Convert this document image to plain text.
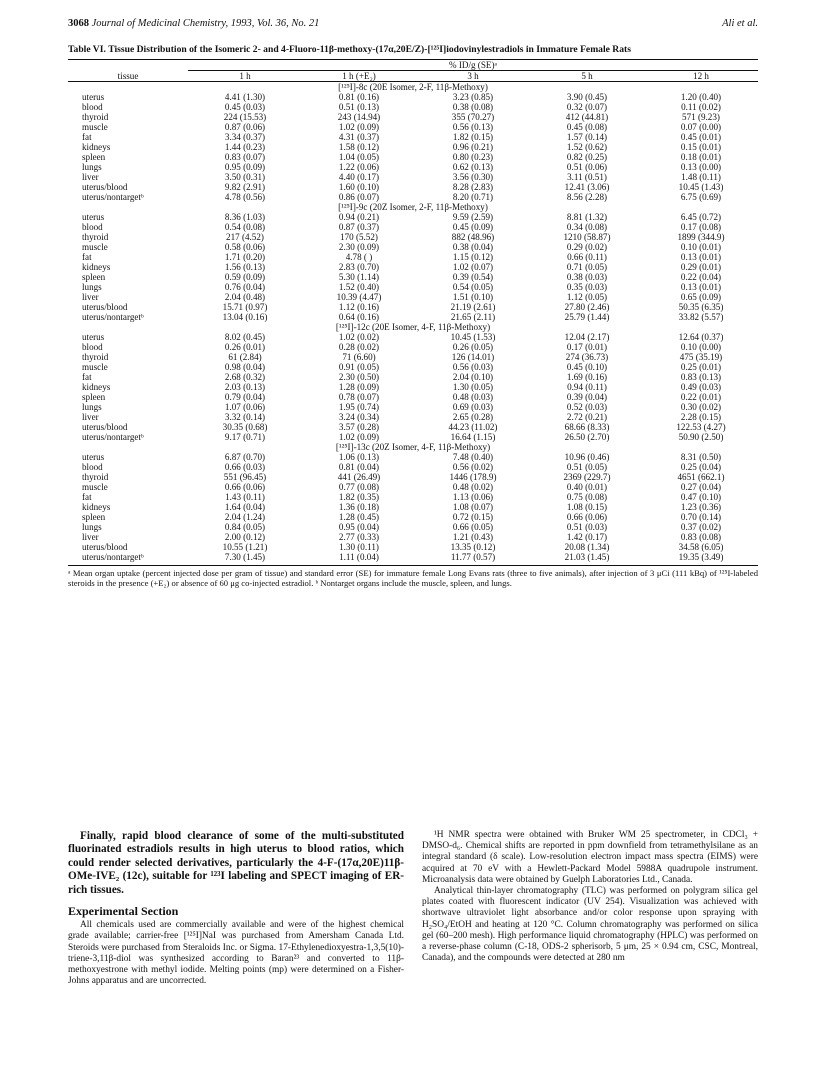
3068 Journal of Medicinal Chemistry, 1993, Vol. 36, No. 21	Ali et al.
Table VI. Tissue Distribution of the Isomeric 2- and 4-Fluoro-11β-methoxy-(17α,20E/Z)-[¹²⁵I]iodovinylestradiols in Immature Female Rats

	% ID/g (SE)ᵃ				
tissue	1 h	1 h (+E₂)	3 h	5 h	12 h
[¹²⁵I]-8c (20E Isomer, 2-F, 11β-Methoxy)					
uterus	4.41 (1.30)	0.81 (0.16)	3.23 (0.85)	3.90 (0.45)	1.20 (0.40)
blood	0.45 (0.03)	0.51 (0.13)	0.38 (0.08)	0.32 (0.07)	0.11 (0.02)
thyroid	224 (15.53)	243 (14.94)	355 (70.27)	412 (44.81)	571 (9.23)
muscle	0.87 (0.06)	1.02 (0.09)	0.56 (0.13)	0.45 (0.08)	0.07 (0.00)
fat	3.34 (0.37)	4.31 (0.37)	1.82 (0.15)	1.57 (0.14)	0.45 (0.01)
kidneys	1.44 (0.23)	1.58 (0.12)	0.96 (0.21)	1.52 (0.62)	0.15 (0.01)
spleen	0.83 (0.07)	1.04 (0.05)	0.80 (0.23)	0.82 (0.25)	0.18 (0.01)
lungs	0.95 (0.09)	1.22 (0.06)	0.62 (0.13)	0.51 (0.06)	0.13 (0.00)
liver	3.50 (0.31)	4.40 (0.17)	3.56 (0.30)	3.11 (0.51)	1.48 (0.11)
uterus/blood	9.82 (2.91)	1.60 (0.10)	8.28 (2.83)	12.41 (3.06)	10.45 (1.43)
uterus/nontargetᵇ	4.78 (0.56)	0.86 (0.07)	8.20 (0.71)	8.56 (2.28)	6.75 (0.69)
[¹²⁵I]-9c (20Z Isomer, 2-F, 11β-Methoxy)					
uterus	8.36 (1.03)	0.94 (0.21)	9.59 (2.59)	8.81 (1.32)	6.45 (0.72)
blood	0.54 (0.08)	0.87 (0.37)	0.45 (0.09)	0.34 (0.08)	0.17 (0.08)
thyroid	217 (4.52)	170 (5.52)	882 (48.96)	1210 (58.87)	1899 (344.9)
muscle	0.58 (0.06)	2.30 (0.09)	0.38 (0.04)	0.29 (0.02)	0.10 (0.01)
fat	1.71 (0.20)	4.78 ( )	1.15 (0.12)	0.66 (0.11)	0.13 (0.01)
kidneys	1.56 (0.13)	2.83 (0.70)	1.02 (0.07)	0.71 (0.05)	0.29 (0.01)
spleen	0.59 (0.09)	5.30 (1.14)	0.39 (0.54)	0.38 (0.03)	0.22 (0.04)
lungs	0.76 (0.04)	1.52 (0.40)	0.54 (0.05)	0.35 (0.03)	0.13 (0.01)
liver	2.04 (0.48)	10.39 (4.47)	1.51 (0.10)	1.12 (0.05)	0.65 (0.09)
uterus/blood	15.71 (0.97)	1.12 (0.16)	21.19 (2.61)	27.80 (2.46)	50.35 (6.35)
uterus/nontargetᵇ	13.04 (0.16)	0.64 (0.16)	21.65 (2.11)	25.79 (1.44)	33.82 (5.57)
[¹²⁵I]-12c (20E Isomer, 4-F, 11β-Methoxy)					
uterus	8.02 (0.45)	1.02 (0.02)	10.45 (1.53)	12.04 (2.17)	12.64 (0.37)
blood	0.26 (0.01)	0.28 (0.02)	0.26 (0.05)	0.17 (0.01)	0.10 (0.00)
thyroid	61 (2.84)	71 (6.60)	126 (14.01)	274 (36.73)	475 (35.19)
muscle	0.98 (0.04)	0.91 (0.05)	0.56 (0.03)	0.45 (0.10)	0.25 (0.01)
fat	2.68 (0.32)	2.30 (0.50)	2.04 (0.10)	1.69 (0.16)	0.83 (0.13)
kidneys	2.03 (0.13)	1.28 (0.09)	1.30 (0.05)	0.94 (0.11)	0.49 (0.03)
spleen	0.79 (0.04)	0.78 (0.07)	0.48 (0.03)	0.39 (0.04)	0.22 (0.01)
lungs	1.07 (0.06)	1.95 (0.74)	0.69 (0.03)	0.52 (0.03)	0.30 (0.02)
liver	3.32 (0.14)	3.24 (0.34)	2.65 (0.28)	2.72 (0.21)	2.28 (0.15)
uterus/blood	30.35 (0.68)	3.57 (0.28)	44.23 (11.02)	68.66 (8.33)	122.53 (4.27)
uterus/nontargetᵇ	9.17 (0.71)	1.02 (0.09)	16.64 (1.15)	26.50 (2.70)	50.90 (2.50)
[¹²⁵I]-13c (20Z Isomer, 4-F, 11β-Methoxy)					
uterus	6.87 (0.70)	1.06 (0.13)	7.48 (0.40)	10.96 (0.46)	8.31 (0.50)
blood	0.66 (0.03)	0.81 (0.04)	0.56 (0.02)	0.51 (0.05)	0.25 (0.04)
thyroid	551 (96.45)	441 (26.49)	1446 (178.9)	2369 (229.7)	4651 (662.1)
muscle	0.66 (0.06)	0.77 (0.08)	0.48 (0.02)	0.40 (0.01)	0.27 (0.04)
fat	1.43 (0.11)	1.82 (0.35)	1.13 (0.06)	0.75 (0.08)	0.47 (0.10)
kidneys	1.64 (0.04)	1.36 (0.18)	1.08 (0.07)	1.08 (0.15)	1.23 (0.36)
spleen	2.04 (1.24)	1.28 (0.45)	0.72 (0.15)	0.66 (0.06)	0.70 (0.14)
lungs	0.84 (0.05)	0.95 (0.04)	0.66 (0.05)	0.51 (0.03)	0.37 (0.02)
liver	2.00 (0.12)	2.77 (0.33)	1.21 (0.43)	1.42 (0.17)	0.83 (0.08)
uterus/blood	10.55 (1.21)	1.30 (0.11)	13.35 (0.12)	20.08 (1.34)	34.58 (6.05)
uterus/nontargetᵇ	7.30 (1.45)	1.11 (0.04)	11.77 (0.57)	21.03 (1.45)	19.35 (3.49)

ᵃ Mean organ uptake (percent injected dose per gram of tissue) and standard error (SE) for immature female Long Evans rats (three to five animals), after injection of 3 μCi (111 kBq) of ¹²⁵I-labeled steroids in the presence (+E₂) or absence of 60 μg co-injected estradiol. ᵇ Nontarget organs include the muscle, spleen, and lungs.

Finally, rapid blood clearance of some of the multi-substituted fluorinated estradiols results in high uterus to blood ratios, which could render selected derivatives, particularly the 4-F-(17α,20E)11β-OMe-IVE₂ (12c), suitable for ¹²³I labeling and SPECT imaging of ER-rich tissues.

Experimental Section

All chemicals used are commercially available and were of the highest chemical grade available; carrier-free [¹²⁵I]NaI was purchased from Amersham Canada Ltd. Steroids were purchased from Steraloids Inc. or Sigma. 17-Ethylenedioxyestra-1,3,5(10)-triene-3,11β-diol was synthesized according to Baran²³ and converted to 11β-methoxyestrone with methyl iodide. Melting points (mp) were determined on a Fisher-Johns apparatus and are uncorrected.

¹H NMR spectra were obtained with Bruker WM 25 spectrometer, in CDCl₃ + DMSO-d₆. Chemical shifts are reported in ppm downfield from tetramethylsilane as an integral standard (δ scale). Low-resolution electron impact mass spectra (EIMS) were acquired at 70 eV with a Hewlett-Packard Model 5988A quadrupole instrument. Microanalysis data were obtained by Guelph Laboratories Ltd., Canada.

Analytical thin-layer chromatography (TLC) was performed on polygram silica gel plates coated with fluorescent indicator (UV 254). Visualization was achieved with shortwave ultraviolet light absorbance and/or color response upon spraying with H₂SO₄/EtOH and heating at 120 °C. Column chromatography was performed on silica gel (60–200 mesh). High performance liquid chromatography (HPLC) was performed on a reverse-phase column (C-18, ODS-2 spherisorb, 5 μm, 25 × 0.94 cm, CSC, Montreal, Canada), and the compounds were detected at 280 nm
